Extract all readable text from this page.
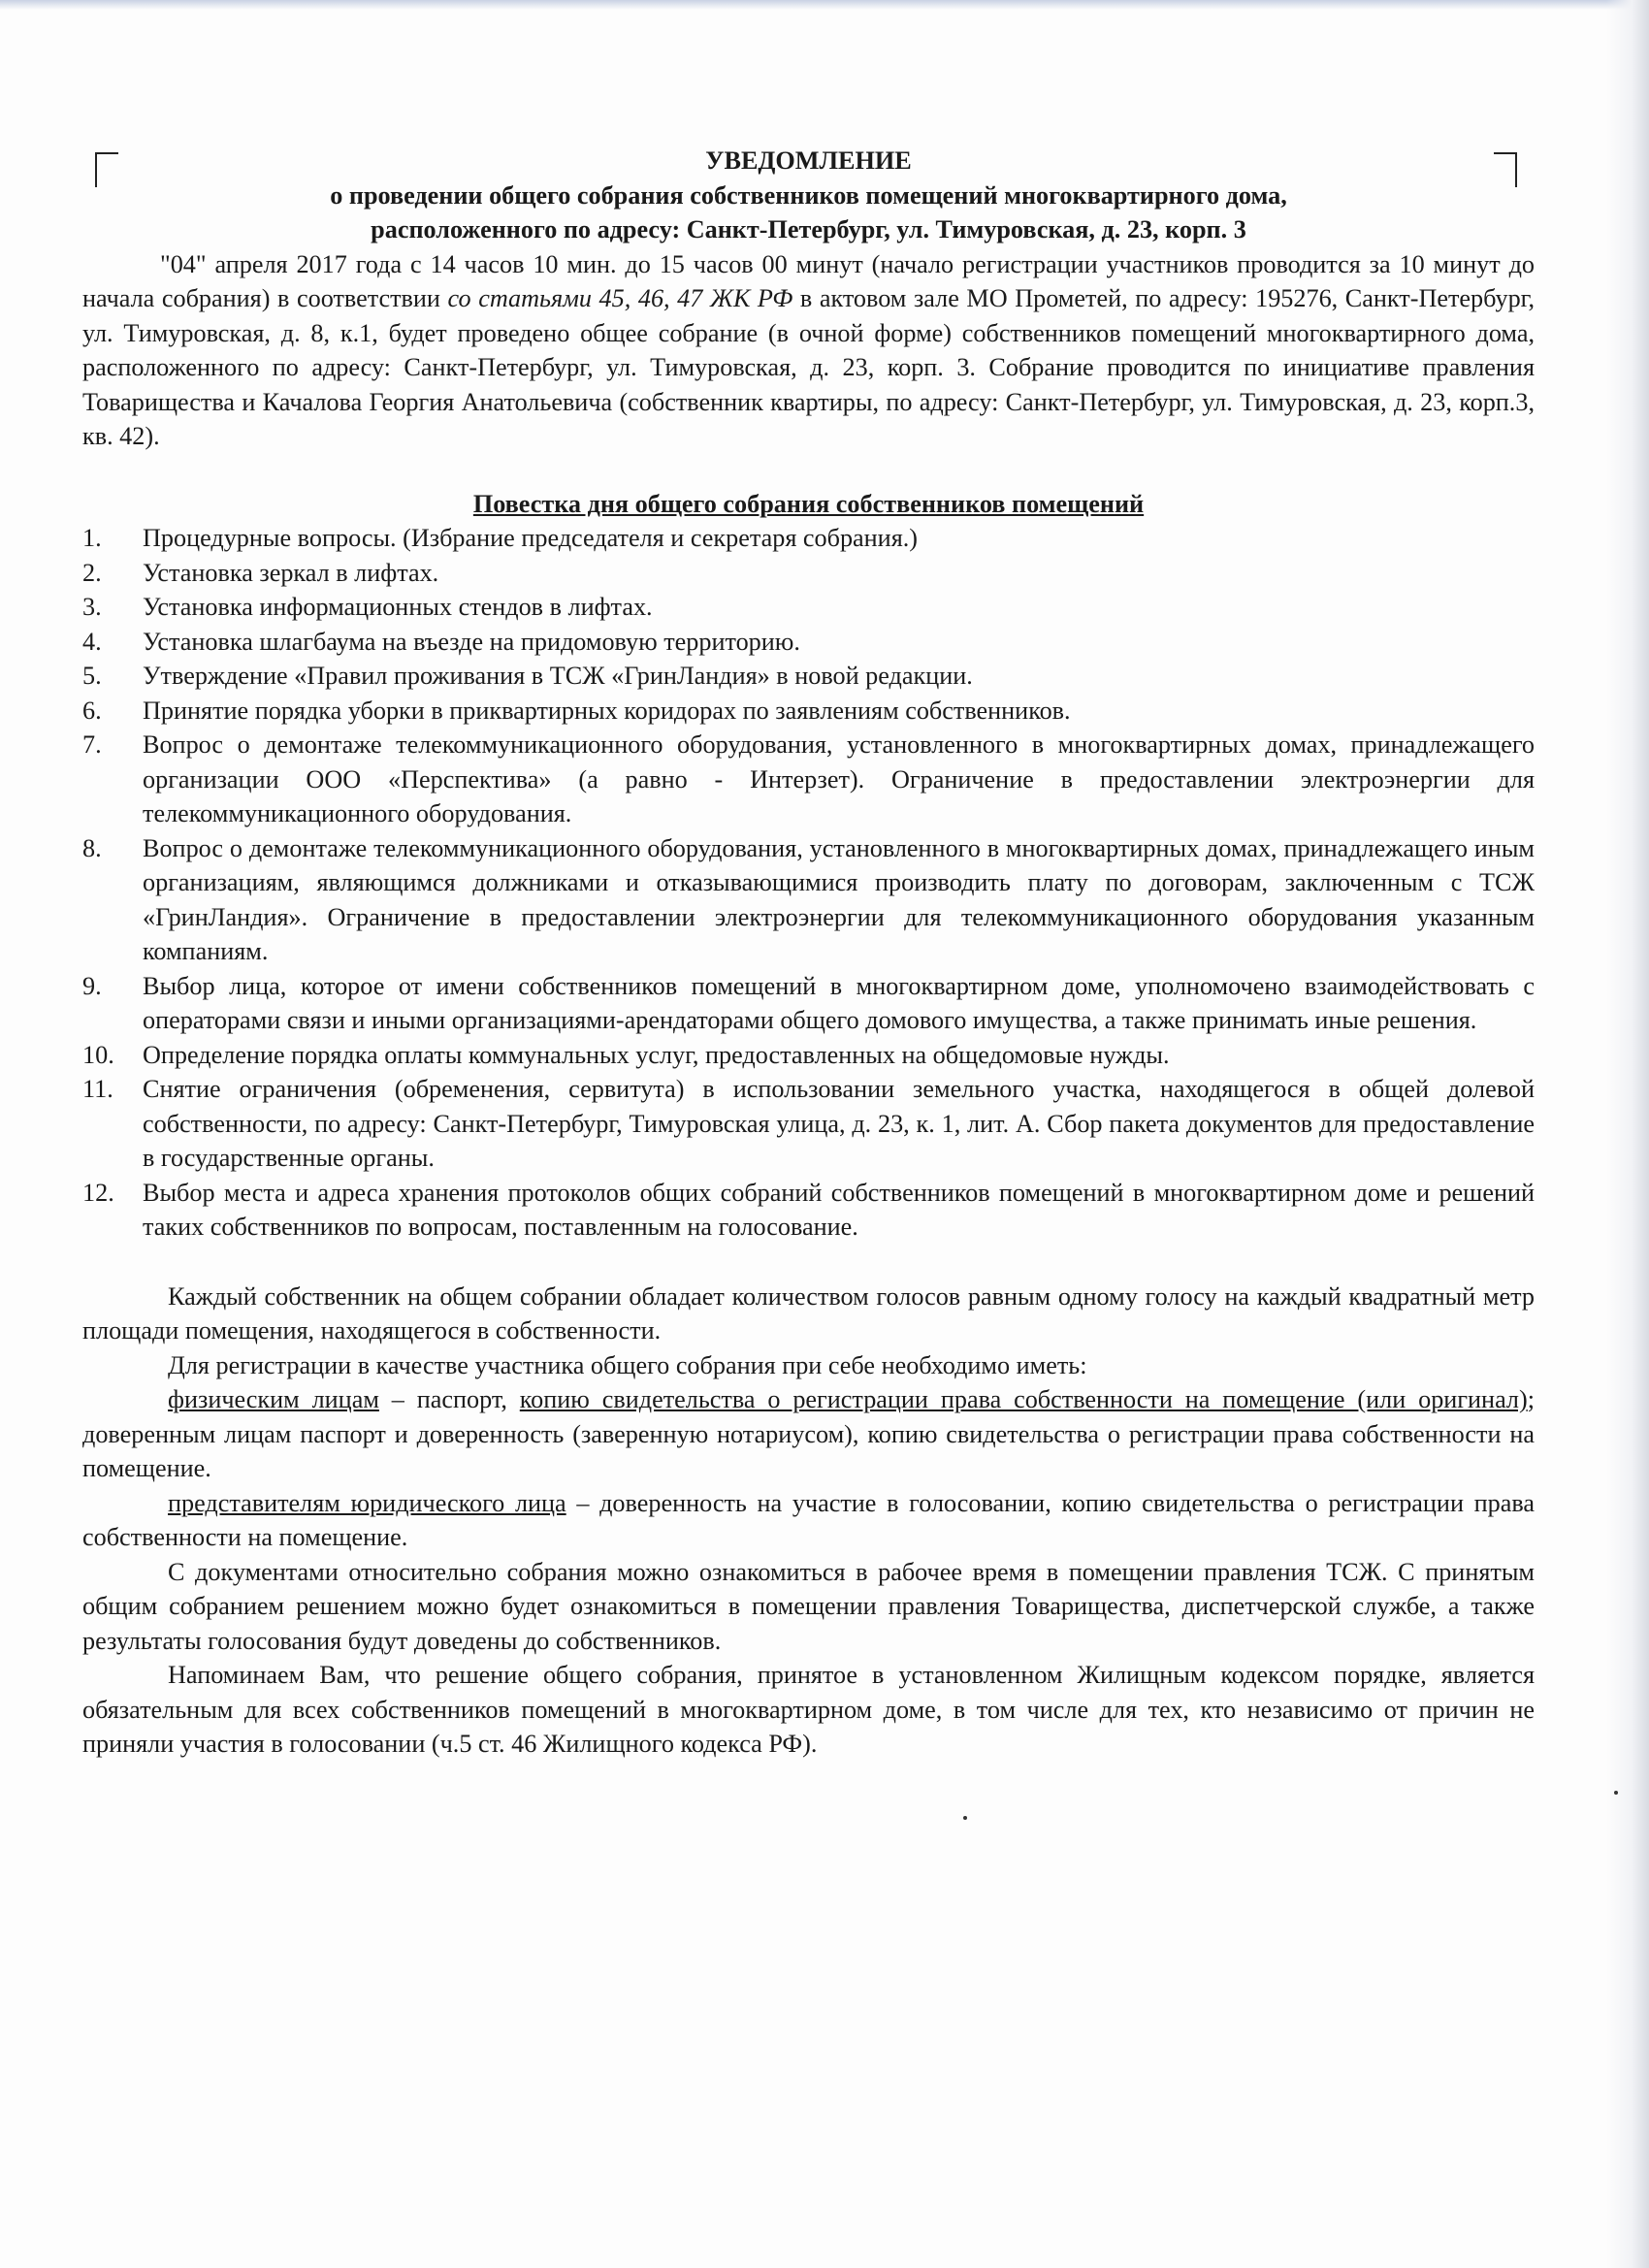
УВЕДОМЛЕНИЕ

о проведении общего собрания собственников помещений многоквартирного дома,

расположенного по адресу: Санкт-Петербург, ул. Тимуровская, д. 23, корп. 3

"04" апреля 2017 года с 14 часов 10 мин. до 15 часов 00 минут (начало регистрации участников проводится за 10 минут до начала собрания) в соответствии со статьями 45, 46, 47 ЖК РФ в актовом зале МО Прометей, по адресу: 195276, Санкт-Петербург, ул. Тимуровская, д. 8, к.1, будет проведено общее собрание (в очной форме) собственников помещений многоквартирного дома, расположенного по адресу: Санкт-Петербург, ул. Тимуровская, д. 23, корп. 3. Собрание проводится по инициативе правления Товарищества и Качалова Георгия Анатольевича (собственник квартиры, по адресу: Санкт-Петербург, ул. Тимуровская, д. 23, корп.3, кв. 42).

Повестка дня общего собрания собственников помещений

1.	Процедурные вопросы. (Избрание председателя и секретаря собрания.)
2.	Установка зеркал в лифтах.
3.	Установка информационных стендов в лифтах.
4.	Установка шлагбаума на въезде на придомовую территорию.
5.	Утверждение «Правил проживания в ТСЖ «ГринЛандия» в новой редакции.
6.	Принятие порядка уборки в приквартирных коридорах по заявлениям собственников.
7.	Вопрос о демонтаже телекоммуникационного оборудования, установленного в многоквартирных домах, принадлежащего организации ООО «Перспектива» (а равно - Интерзет). Ограничение в предоставлении электроэнергии для телекоммуникационного оборудования.
8.	Вопрос о демонтаже телекоммуникационного оборудования, установленного в многоквартирных домах, принадлежащего иным организациям, являющимся должниками и отказывающимися производить плату по договорам, заключенным с ТСЖ «ГринЛандия». Ограничение в предоставлении электроэнергии для телекоммуникационного оборудования указанным компаниям.
9.	Выбор лица, которое от имени собственников помещений в многоквартирном доме, уполномочено взаимодействовать с операторами связи и иными организациями-арендаторами общего домового имущества, а также принимать иные решения.
10.	Определение порядка оплаты коммунальных услуг, предоставленных на общедомовые нужды.
11.	Снятие ограничения (обременения, сервитута) в использовании земельного участка, находящегося в общей долевой собственности, по адресу: Санкт-Петербург, Тимуровская улица, д. 23, к. 1, лит. А. Сбор пакета документов для предоставление в государственные органы.
12.	Выбор места и адреса хранения протоколов общих собраний собственников помещений в многоквартирном доме и решений таких собственников по вопросам, поставленным на голосование.

Каждый собственник на общем собрании обладает количеством голосов равным одному голосу на каждый квадратный метр площади помещения, находящегося в собственности.

Для регистрации в качестве участника общего собрания при себе необходимо иметь:

физическим лицам – паспорт, копию свидетельства о регистрации права собственности на помещение (или оригинал); доверенным лицам паспорт и доверенность (заверенную нотариусом), копию свидетельства о регистрации права собственности на помещение.

представителям юридического лица – доверенность на участие в голосовании, копию свидетельства о регистрации права собственности на помещение.

С документами относительно собрания можно ознакомиться в рабочее время в помещении правления ТСЖ. С принятым общим собранием решением можно будет ознакомиться в помещении правления Товарищества, диспетчерской службе, а также результаты голосования будут доведены до собственников.

Напоминаем Вам, что решение общего собрания, принятое в установленном Жилищным кодексом порядке, является обязательным для всех собственников помещений в многоквартирном доме, в том числе для тех, кто независимо от причин не приняли участия в голосовании (ч.5 ст. 46 Жилищного кодекса РФ).
